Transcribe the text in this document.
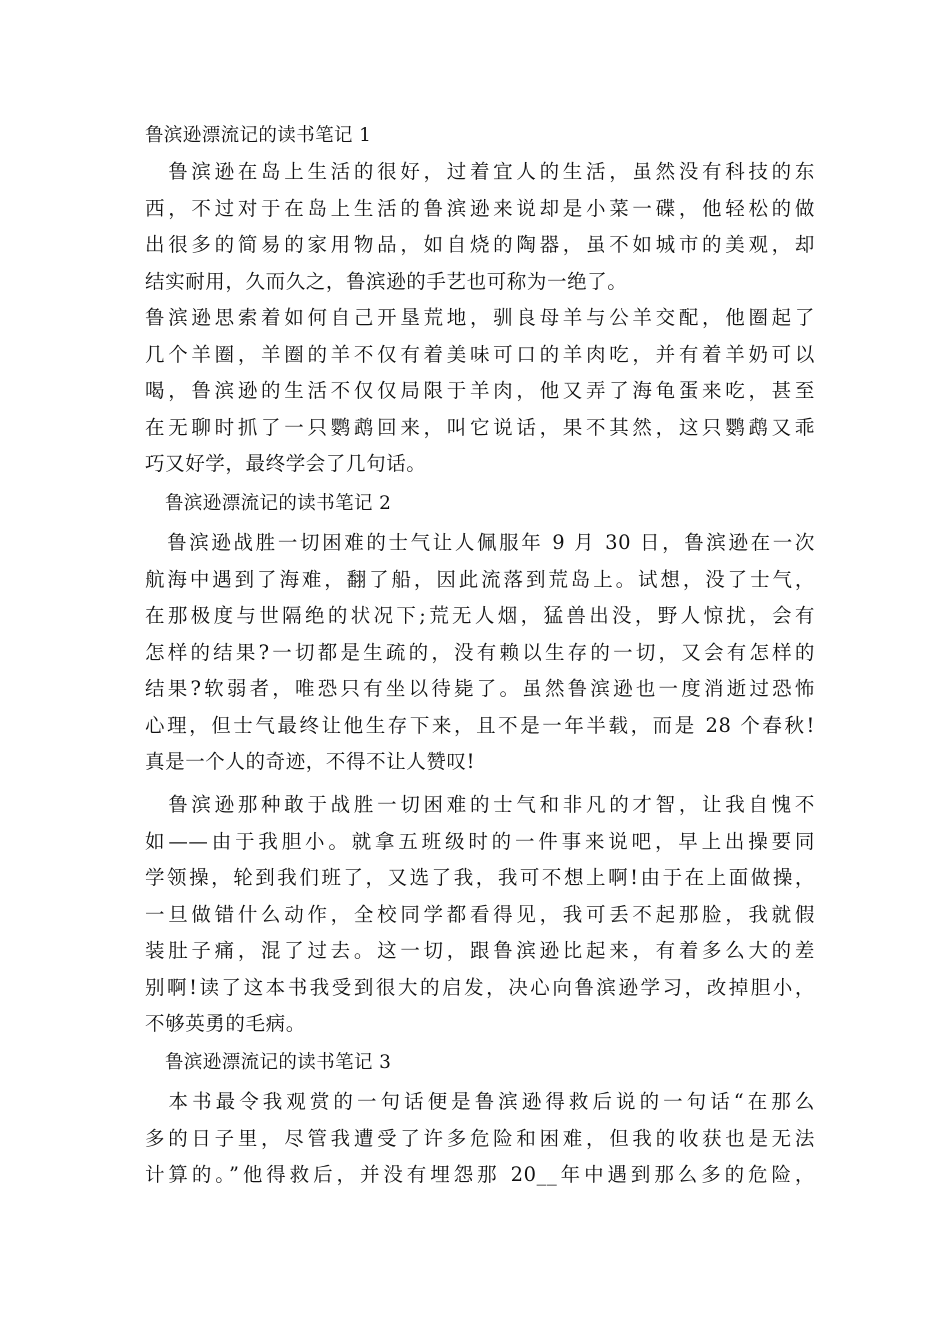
鲁滨逊漂流记的读书笔记 1
　鲁滨逊在岛上生活的很好，过着宜人的生活，虽然没有科技的东
西，不过对于在岛上生活的鲁滨逊来说却是小菜一碟，他轻松的做
出很多的简易的家用物品，如自烧的陶器，虽不如城市的美观，却
结实耐用，久而久之，鲁滨逊的手艺也可称为一绝了。
鲁滨逊思索着如何自己开垦荒地，驯良母羊与公羊交配，他圈起了
几个羊圈，羊圈的羊不仅有着美味可口的羊肉吃，并有着羊奶可以
喝，鲁滨逊的生活不仅仅局限于羊肉，他又弄了海龟蛋来吃，甚至
在无聊时抓了一只鹦鹉回来，叫它说话，果不其然，这只鹦鹉又乖
巧又好学，最终学会了几句话。
鲁滨逊漂流记的读书笔记 2
　鲁滨逊战胜一切困难的士气让人佩服年 9 月 30 日，鲁滨逊在一次
航海中遇到了海难，翻了船，因此流落到荒岛上。试想，没了士气，
在那极度与世隔绝的状况下;荒无人烟，猛兽出没，野人惊扰，会有
怎样的结果?一切都是生疏的，没有赖以生存的一切，又会有怎样的
结果?软弱者，唯恐只有坐以待毙了。虽然鲁滨逊也一度消逝过恐怖
心理，但士气最终让他生存下来，且不是一年半载，而是 28 个春秋!
真是一个人的奇迹，不得不让人赞叹!
　鲁滨逊那种敢于战胜一切困难的士气和非凡的才智，让我自愧不
如——由于我胆小。就拿五班级时的一件事来说吧，早上出操要同
学领操，轮到我们班了，又选了我，我可不想上啊!由于在上面做操，
一旦做错什么动作，全校同学都看得见，我可丢不起那脸，我就假
装肚子痛，混了过去。这一切，跟鲁滨逊比起来，有着多么大的差
别啊!读了这本书我受到很大的启发，决心向鲁滨逊学习，改掉胆小，
不够英勇的毛病。
鲁滨逊漂流记的读书笔记 3
　本书最令我观赏的一句话便是鲁滨逊得救后说的一句话“在那么
多的日子里，尽管我遭受了许多危险和困难，但我的收获也是无法
计算的。”他得救后，并没有埋怨那 20__年中遇到那么多的危险，
